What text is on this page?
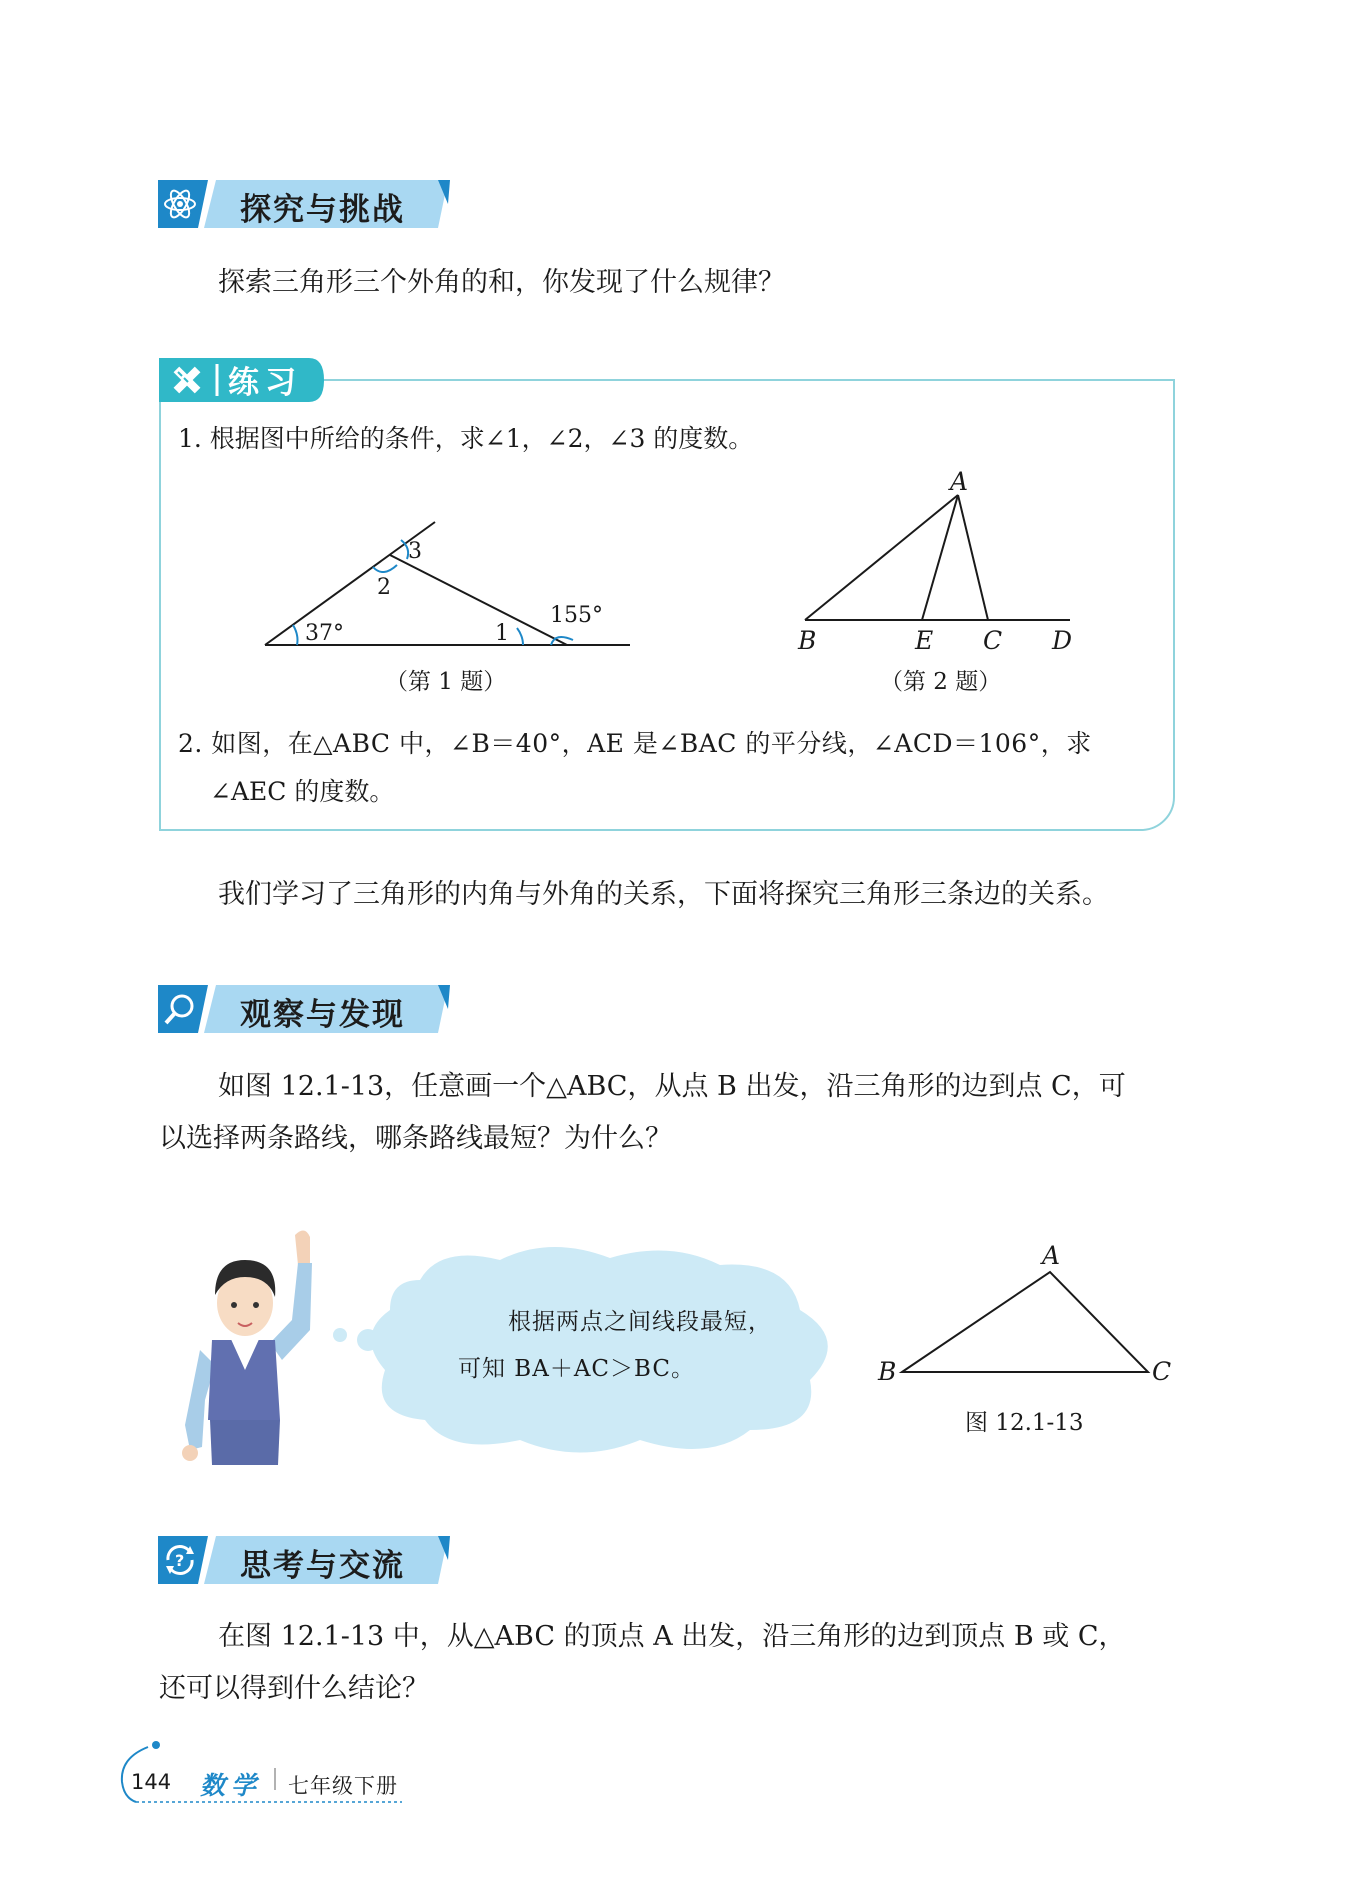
探究与挑战
探索三角形三个外角的和，你发现了什么规律？
练习
1. 根据图中所给的条件，求∠1，∠2，∠3 的度数。
37°	1
155°
2
3
（第 1 题）
A
B	E C D
（第 2 题）
2. 如图，在△ABC 中，∠B＝40°，AE 是∠BAC 的平分线，∠ACD＝106°，求
∠AEC 的度数。
我们学习了三角形的内角与外角的关系，下面将探究三角形三条边的关系。
观察与发现
如图 12.1-13，任意画一个△ABC，从点 B 出发，沿三角形的边到点 C，可
以选择两条路线，哪条路线最短？为什么？
根据两点之间线段最短，
可知 BA＋AC＞BC。
A
B	C
图 12.1-13
? 思考与交流
在图 12.1-13 中，从△ABC 的顶点 A 出发，沿三角形的边到顶点 B 或 C，
还可以得到什么结论？
144 数学 七年级下册
